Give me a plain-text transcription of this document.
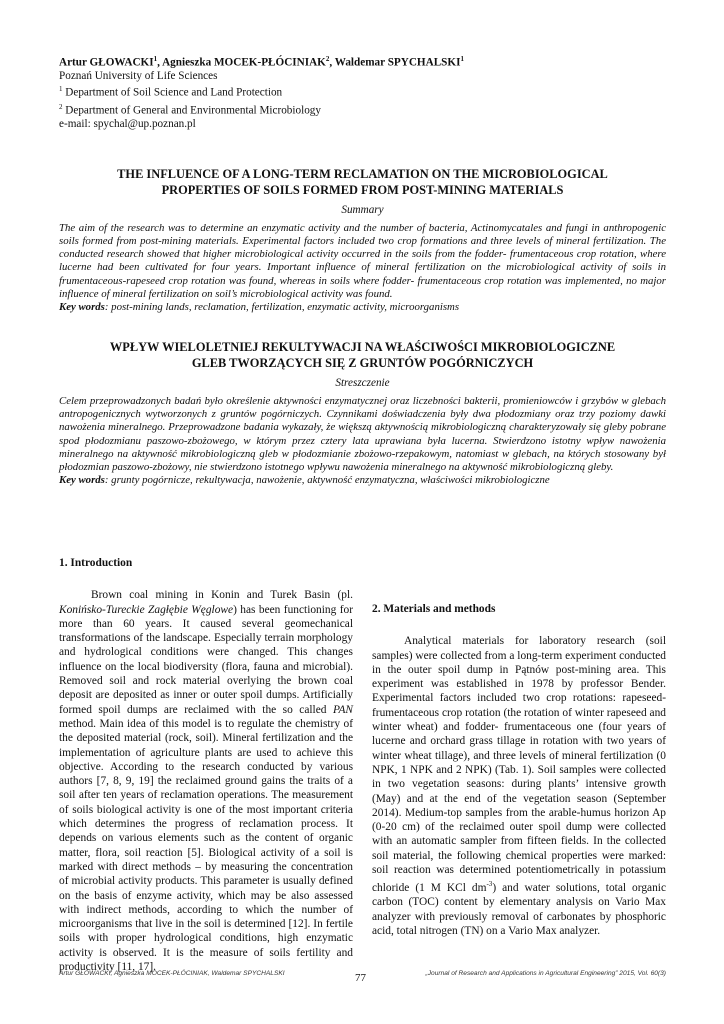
Artur GŁOWACKI$^1$, Agnieszka MOCEK-PŁÓCINIAK$^2$, Waldemar SPYCHALSKI$^1$
Poznań University of Life Sciences
$^1$ Department of Soil Science and Land Protection
$^2$ Department of General and Environmental Microbiology
e-mail: spychal@up.poznan.pl
THE INFLUENCE OF A LONG-TERM RECLAMATION ON THE MICROBIOLOGICAL
PROPERTIES OF SOILS FORMED FROM POST-MINING MATERIALS
Summary
The aim of the research was to determine an enzymatic activity and the number of bacteria, Actinomycatales and fungi in anthropogenic soils formed from post-mining materials. Experimental factors included two crop formations and three levels of mineral fertilization. The conducted research showed that higher microbiological activity occurred in the soils from the fodder- frumentaceous crop rotation, where lucerne had been cultivated for four years. Important influence of mineral fertilization on the microbiological activity of soils in frumentaceous-rapeseed crop rotation was found, whereas in soils where fodder- frumentaceous crop rotation was implemented, no major influence of mineral fertilization on soil’s microbiological activity was found.
Key words: post-mining lands, reclamation, fertilization, enzymatic activity, microorganisms
WPŁYW WIELOLETNIEJ REKULTYWACJI NA WŁAŚCIWOŚCI MIKROBIOLOGICZNE
GLEB TWORZĄCYCH SIĘ Z GRUNTÓW POGÓRNICZYCH
Streszczenie
Celem przeprowadzonych badań było określenie aktywności enzymatycznej oraz liczebności bakterii, promieniowców i grzybów w glebach antropogenicznych wytworzonych z gruntów pogórniczych. Czynnikami doświadczenia były dwa płodozmiany oraz trzy poziomy dawki nawożenia mineralnego. Przeprowadzone badania wykazały, że większą aktywnością mikrobiologiczną charakteryzowały się gleby pobrane spod płodozmianu paszowo-zbożowego, w którym przez cztery lata uprawiana była lucerna. Stwierdzono istotny wpływ nawożenia mineralnego na aktywność mikrobiologiczną gleb w płodozmianie zbożowo-rzepakowym, natomiast w glebach, na których stosowany był płodozmian paszowo-zbożowy, nie stwierdzono istotnego wpływu nawożenia mineralnego na aktywność mikrobiologiczną gleby.
Key words: grunty pogórnicze, rekultywacja, nawożenie, aktywność enzymatyczna, właściwości mikrobiologiczne
1. Introduction

Brown coal mining in Konin and Turek Basin (pl. Konińsko-Tureckie Zagłębie Węglowe) has been functioning for more than 60 years. It caused several geomechanical transformations of the landscape. Especially terrain morphology and hydrological conditions were changed. This changes influence on the local biodiversity (flora, fauna and microbial). Removed soil and rock material overlying the brown coal deposit are deposited as inner or outer spoil dumps. Artificially formed spoil dumps are reclaimed with the so called PAN method. Main idea of this model is to regulate the chemistry of the deposited material (rock, soil). Mineral fertilization and the implementation of agriculture plants are used to achieve this objective. According to the research conducted by various authors [7, 8, 9, 19] the reclaimed ground gains the traits of a soil after ten years of reclamation operations. The measurement of soils biological activity is one of the most important criteria which determines the progress of reclamation process. It depends on various elements such as the content of organic matter, flora, soil reaction [5]. Biological activity of a soil is marked with direct methods – by measuring the concentration of microbial activity products. This parameter is usually defined on the basis of enzyme activity, which may be also assessed with indirect methods, according to which the number of microorganisms that live in the soil is determined [12]. In fertile soils with proper hydrological conditions, high enzymatic activity is observed. It is the measure of soils fertility and productivity [11, 17].

2. Materials and methods

Analytical materials for laboratory research (soil samples) were collected from a long-term experiment conducted in the outer spoil dump in Pątnów post-mining area. This experiment was established in 1978 by professor Bender. Experimental factors included two crop rotations: rapeseed- frumentaceous crop rotation (the rotation of winter rapeseed and winter wheat) and fodder- frumentaceous one (four years of lucerne and orchard grass tillage in rotation with two years of winter wheat tillage), and three levels of mineral fertilization (0 NPK, 1 NPK and 2 NPK) (Tab. 1). Soil samples were collected in two vegetation seasons: during plants’ intensive growth (May) and at the end of the vegetation season (September 2014). Medium-top samples from the arable-humus horizon Ap (0-20 cm) of the reclaimed outer spoil dump were collected with an automatic sampler from fifteen fields. In the collected soil material, the following chemical properties were marked: soil reaction was determined potentiometrically in potassium chloride (1 M KCl $dm^{-3}$) and water solutions, total organic carbon (TOC) content by elementary analysis on Vario Max analyzer with previously removal of carbonates by phosphoric acid, total nitrogen (TN) on a Vario Max analyzer.

Artur GŁOWACKI, Agnieszka MOCEK-PŁÓCINIAK, Waldemar SPYCHALSKI	77	„Journal of Research and Applications in Agricultural Engineering” 2015, Vol. 60(3)
